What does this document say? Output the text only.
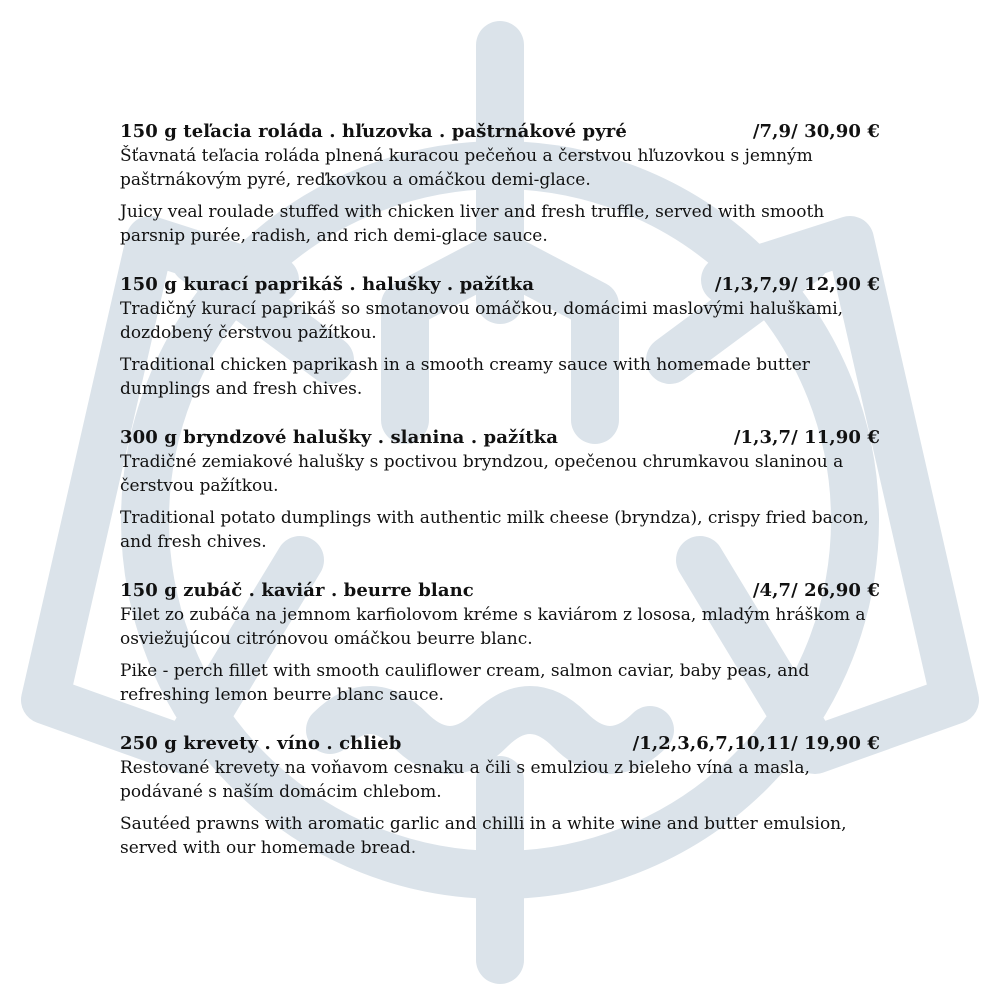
150 g teľacia roláda . hľuzovka . paštrnákové pyré	/7,9/ 30,90 €

Šťavnatá teľacia roláda plnená kuracou pečeňou a čerstvou hľuzovkou s jemným paštrnákovým pyré, reďkovkou a omáčkou demi-glace.

Juicy veal roulade stuffed with chicken liver and fresh truffle, served with smooth parsnip purée, radish, and rich demi-glace sauce.

150 g kurací paprikáš . halušky . pažítka	/1,3,7,9/ 12,90 €

Tradičný kurací paprikáš so smotanovou omáčkou, domácimi maslovými haluškami, dozdobený čerstvou pažítkou.

Traditional chicken paprikash in a smooth creamy sauce with homemade butter dumplings and fresh chives.

300 g bryndzové halušky . slanina . pažítka	/1,3,7/ 11,90 €

Tradičné zemiakové halušky s poctivou bryndzou, opečenou chrumkavou slaninou a čerstvou pažítkou.

Traditional potato dumplings with authentic milk cheese (bryndza), crispy fried bacon, and fresh chives.

150 g zubáč . kaviár . beurre blanc	/4,7/ 26,90 €

Filet zo zubáča na jemnom karfiolovom kréme s kaviárom z lososa, mladým hráškom a osviežujúcou citrónovou omáčkou beurre blanc.

Pike - perch fillet with smooth cauliflower cream, salmon caviar, baby peas, and refreshing lemon beurre blanc sauce.

250 g krevety . víno . chlieb	/1,2,3,6,7,10,11/ 19,90 €

Restované krevety na voňavom cesnaku a čili s emulziou z bieleho vína a masla, podávané s naším domácim chlebom.

Sautéed prawns with aromatic garlic and chilli in a white wine and butter emulsion, served with our homemade bread.
